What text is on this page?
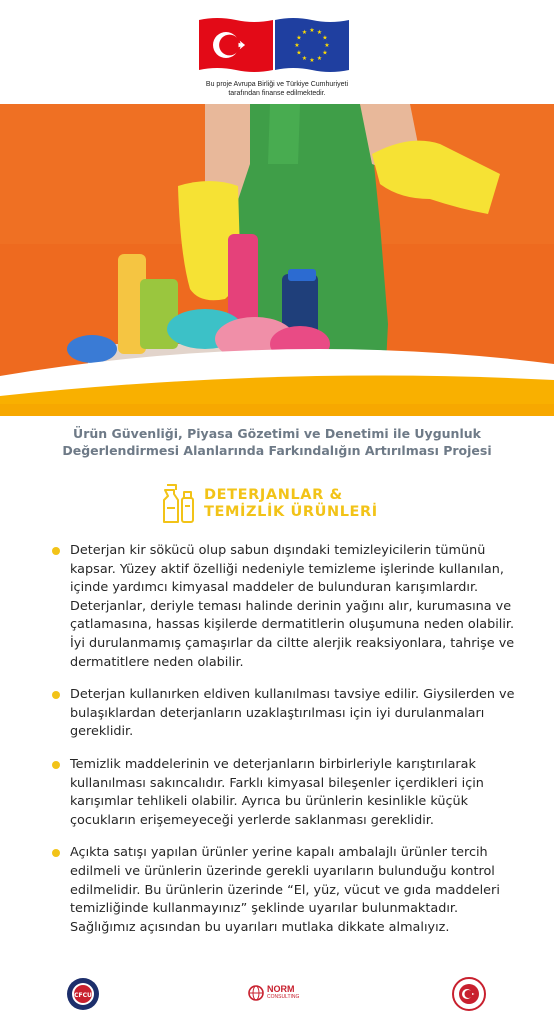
★ ★
★
★
★
★
★
★
★
★
★
★
Bu proje Avrupa Birliği ve Türkiye Cumhuriyeti
tarafından finanse edilmektedir.
Ürün Güvenliği, Piyasa Gözetimi ve Denetimi ile Uygunluk
Değerlendirmesi Alanlarında Farkındalığın Artırılması Projesi
DETERJANLAR &
TEMİZLİK ÜRÜNLERİ
Deterjan kir sökücü olup sabun dışındaki temizleyicilerin tümünü kapsar. Yüzey aktif özelliği nedeniyle temizleme işlerinde kullanılan, içinde yardımcı kimyasal maddeler de bulunduran karışımlardır. Deterjanlar, deriyle teması halinde derinin yağını alır, kurumasına ve çatlamasına, hassas kişilerde dermatitlerin oluşumuna neden olabilir. İyi durulanmamış çamaşırlar da ciltte alerjik reaksiyonlara, tahrişe ve dermatitlere neden olabilir.
Deterjan kullanırken eldiven kullanılması tavsiye edilir. Giysilerden ve bulaşıklardan deterjanların uzaklaştırılması için iyi durulanmaları gereklidir.
Temizlik maddelerinin ve deterjanların birbirleriyle karıştırılarak kullanılması sakıncalıdır. Farklı kimyasal bileşenler içerdikleri için karışımlar tehlikeli olabilir. Ayrıca bu ürünlerin kesinlikle küçük çocukların erişemeyeceği yerlerde saklanması gereklidir.
Açıkta satışı yapılan ürünler yerine kapalı ambalajlı ürünler tercih edilmeli ve ürünlerin üzerinde gerekli uyarıların bulunduğu kontrol edilmelidir. Bu ürünlerin üzerinde “El, yüz, vücut ve gıda maddeleri temizliğinde kullanmayınız” şeklinde uyarılar bulunmaktadır. Sağlığımız açısından bu uyarıları mutlaka dikkate almalıyız.
CFCU
NORM
CONSULTING
